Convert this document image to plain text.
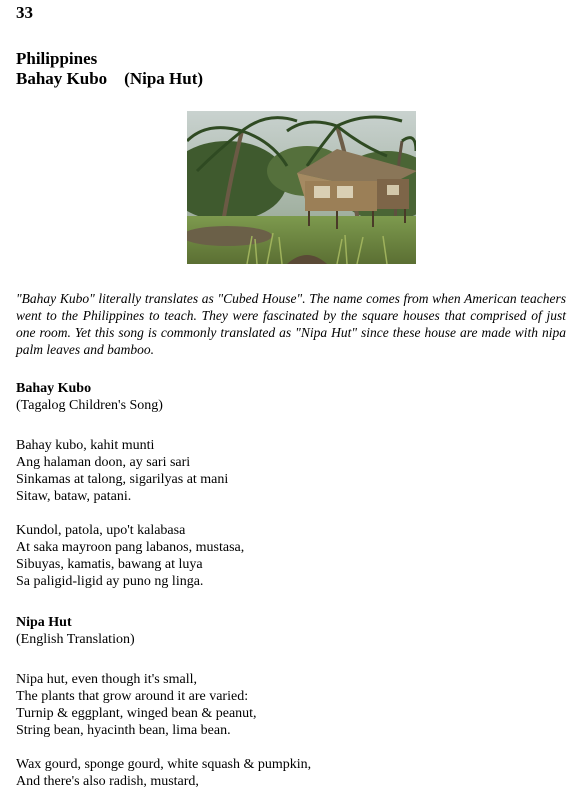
33
Philippines
Bahay Kubo    (Nipa Hut)
"Bahay Kubo" literally translates as "Cubed House". The name comes from when American teachers went to the Philippines to teach. They were fascinated by the square houses that comprised of just one room. Yet this song is commonly translated as "Nipa Hut" since these house are made with nipa palm leaves and bamboo.
Bahay Kubo
(Tagalog Children's Song)
Bahay kubo, kahit munti
Ang halaman doon, ay sari sari
Sinkamas at talong, sigarilyas at mani
Sitaw, bataw, patani.
Kundol, patola, upo't kalabasa
At saka mayroon pang labanos, mustasa,
Sibuyas, kamatis, bawang at luya
Sa paligid-ligid ay puno ng linga.
Nipa Hut
(English Translation)
Nipa hut, even though it's small,
The plants that grow around it are varied:
Turnip & eggplant, winged bean & peanut,
String bean, hyacinth bean, lima bean.
Wax gourd, sponge gourd, white squash & pumpkin,
And there's also radish, mustard,
